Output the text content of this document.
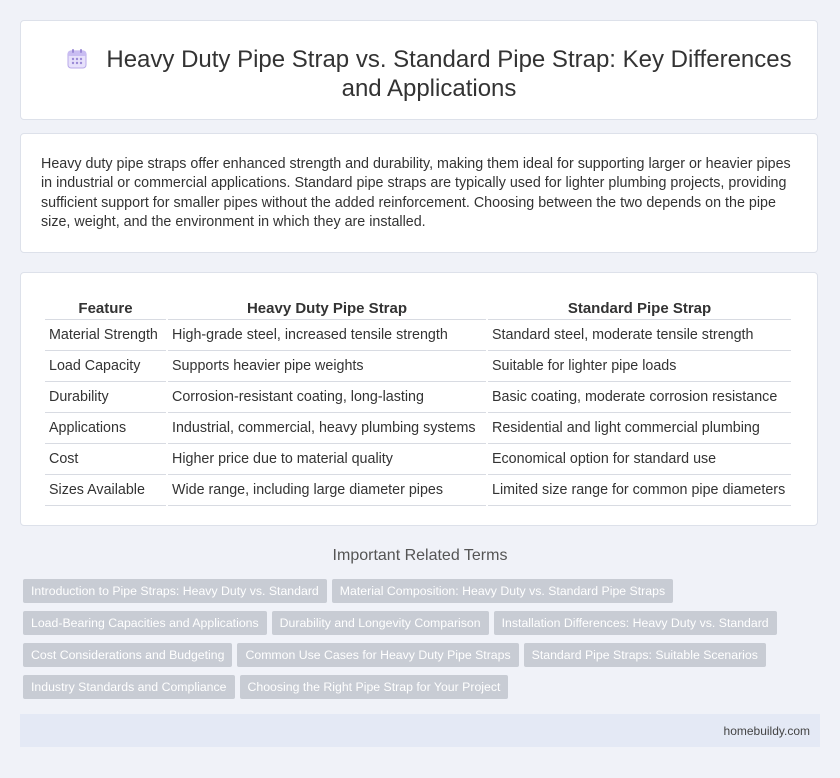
Heavy Duty Pipe Strap vs. Standard Pipe Strap: Key Differences and Applications
Heavy duty pipe straps offer enhanced strength and durability, making them ideal for supporting larger or heavier pipes in industrial or commercial applications. Standard pipe straps are typically used for lighter plumbing projects, providing sufficient support for smaller pipes without the added reinforcement. Choosing between the two depends on the pipe size, weight, and the environment in which they are installed.
Feature	Heavy Duty Pipe Strap	Standard Pipe Strap
Material Strength	High-grade steel, increased tensile strength	Standard steel, moderate tensile strength
Load Capacity	Supports heavier pipe weights	Suitable for lighter pipe loads
Durability	Corrosion-resistant coating, long-lasting	Basic coating, moderate corrosion resistance
Applications	Industrial, commercial, heavy plumbing systems	Residential and light commercial plumbing
Cost	Higher price due to material quality	Economical option for standard use
Sizes Available	Wide range, including large diameter pipes	Limited size range for common pipe diameters
Important Related Terms
Introduction to Pipe Straps: Heavy Duty vs. Standard Material Composition: Heavy Duty vs. Standard Pipe Straps
Load-Bearing Capacities and Applications Durability and Longevity Comparison Installation Differences: Heavy Duty vs. Standard
Cost Considerations and Budgeting Common Use Cases for Heavy Duty Pipe Straps Standard Pipe Straps: Suitable Scenarios
Industry Standards and Compliance Choosing the Right Pipe Strap for Your Project
homebuildy.com
